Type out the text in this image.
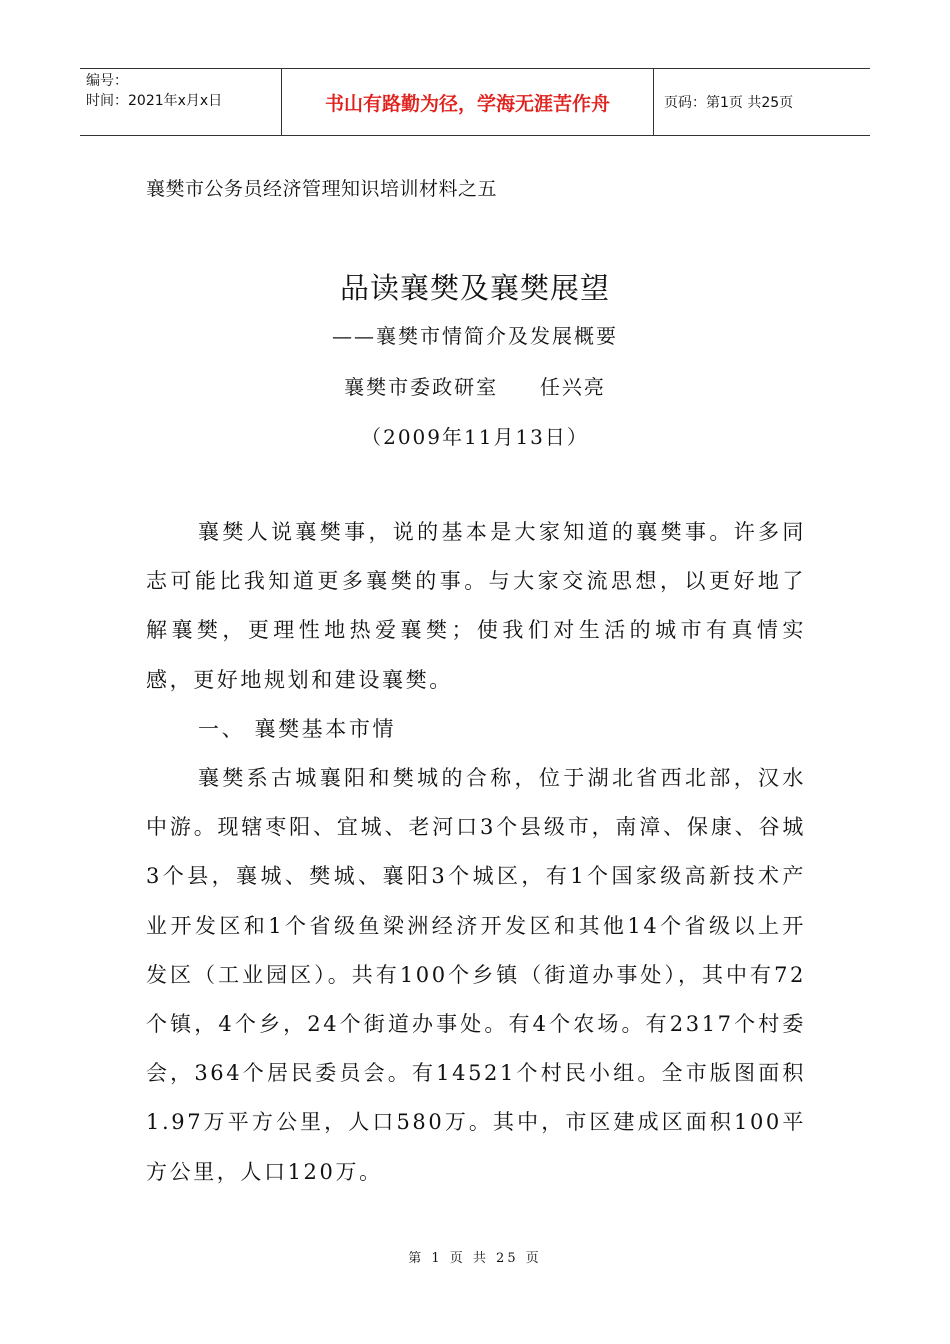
编号：
时间：2021年x月x日	书山有路勤为径，学海无涯苦作舟	页码：第1页 共25页
襄樊市公务员经济管理知识培训材料之五
品读襄樊及襄樊展望
——襄樊市情简介及发展概要
襄樊市委政研室     任兴亮
（2009年11月13日）

襄樊人说襄樊事，说的基本是大家知道的襄樊事。许多同志可能比我知道更多襄樊的事。与大家交流思想，以更好地了解襄樊，更理性地热爱襄樊；使我们对生活的城市有真情实感，更好地规划和建设襄樊。

一、 襄樊基本市情

襄樊系古城襄阳和樊城的合称，位于湖北省西北部，汉水中游。现辖枣阳、宜城、老河口3个县级市，南漳、保康、谷城3个县，襄城、樊城、襄阳3个城区，有1个国家级高新技术产业开发区和1个省级鱼梁洲经济开发区和其他14个省级以上开发区（工业园区）。共有100个乡镇（街道办事处），其中有72个镇，4个乡，24个街道办事处。有4个农场。有2317个村委会，364个居民委员会。有14521个村民小组。全市版图面积1.97万平方公里，人口580万。其中，市区建成区面积100平方公里，人口120万。

第 1 页 共 25 页
